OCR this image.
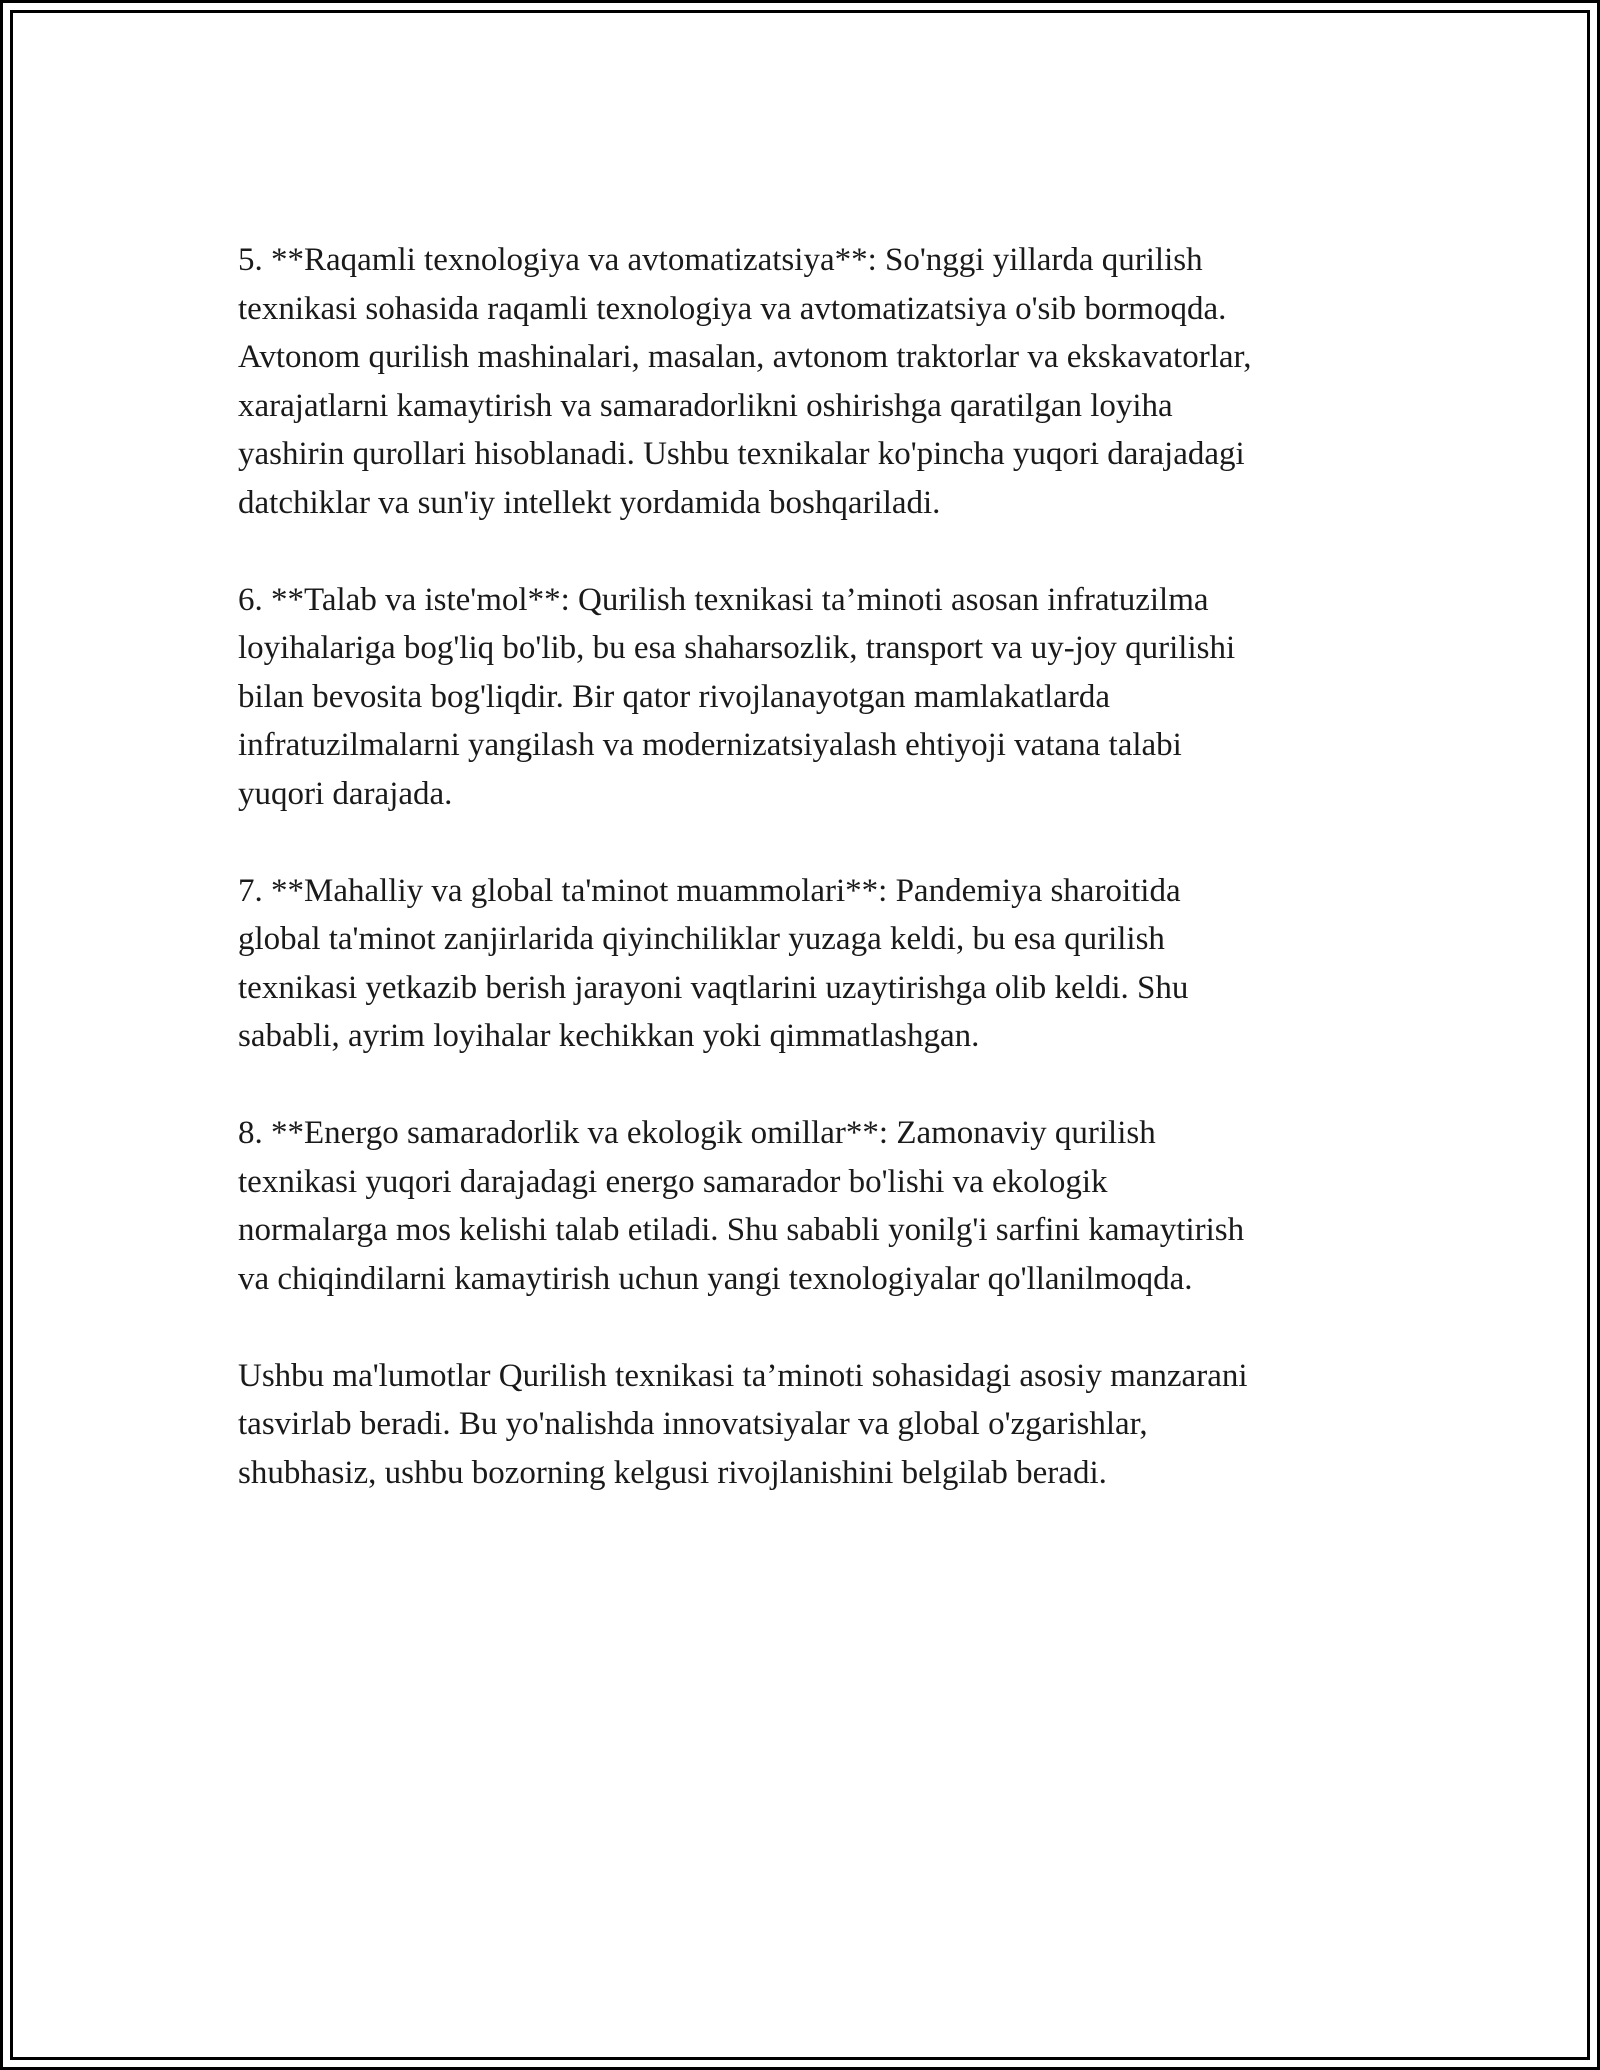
5. **Raqamli texnologiya va avtomatizatsiya**: So'nggi yillarda qurilish
texnikasi sohasida raqamli texnologiya va avtomatizatsiya o'sib bormoqda.
Avtonom qurilish mashinalari, masalan, avtonom traktorlar va ekskavatorlar,
xarajatlarni kamaytirish va samaradorlikni oshirishga qaratilgan loyiha
yashirin qurollari hisoblanadi. Ushbu texnikalar ko'pincha yuqori darajadagi
datchiklar va sun'iy intellekt yordamida boshqariladi.

6. **Talab va iste'mol**: Qurilish texnikasi ta’minoti asosan infratuzilma
loyihalariga bog'liq bo'lib, bu esa shaharsozlik, transport va uy-joy qurilishi
bilan bevosita bog'liqdir. Bir qator rivojlanayotgan mamlakatlarda
infratuzilmalarni yangilash va modernizatsiyalash ehtiyoji vatana talabi
yuqori darajada.

7. **Mahalliy va global ta'minot muammolari**: Pandemiya sharoitida
global ta'minot zanjirlarida qiyinchiliklar yuzaga keldi, bu esa qurilish
texnikasi yetkazib berish jarayoni vaqtlarini uzaytirishga olib keldi. Shu
sababli, ayrim loyihalar kechikkan yoki qimmatlashgan.

8. **Energo samaradorlik va ekologik omillar**: Zamonaviy qurilish
texnikasi yuqori darajadagi energo samarador bo'lishi va ekologik
normalarga mos kelishi talab etiladi. Shu sababli yonilg'i sarfini kamaytirish
va chiqindilarni kamaytirish uchun yangi texnologiyalar qo'llanilmoqda.

Ushbu ma'lumotlar Qurilish texnikasi ta’minoti sohasidagi asosiy manzarani
tasvirlab beradi. Bu yo'nalishda innovatsiyalar va global o'zgarishlar,
shubhasiz, ushbu bozorning kelgusi rivojlanishini belgilab beradi.
